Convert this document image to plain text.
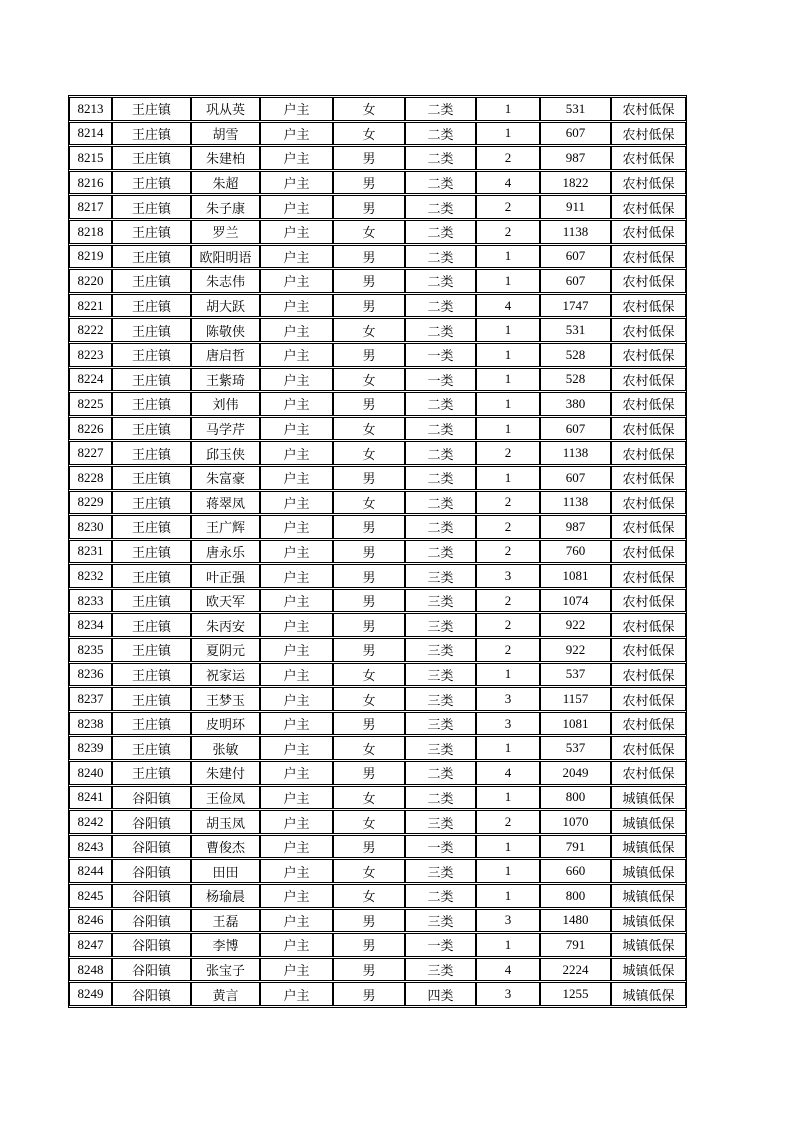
8213	王庄镇	巩从英	户主	女	二类	1	531	农村低保
8214	王庄镇	胡雪	户主	女	二类	1	607	农村低保
8215	王庄镇	朱建柏	户主	男	二类	2	987	农村低保
8216	王庄镇	朱超	户主	男	二类	4	1822	农村低保
8217	王庄镇	朱子康	户主	男	二类	2	911	农村低保
8218	王庄镇	罗兰	户主	女	二类	2	1138	农村低保
8219	王庄镇	欧阳明语	户主	男	二类	1	607	农村低保
8220	王庄镇	朱志伟	户主	男	二类	1	607	农村低保
8221	王庄镇	胡大跃	户主	男	二类	4	1747	农村低保
8222	王庄镇	陈敬侠	户主	女	二类	1	531	农村低保
8223	王庄镇	唐启哲	户主	男	一类	1	528	农村低保
8224	王庄镇	王紫琦	户主	女	一类	1	528	农村低保
8225	王庄镇	刘伟	户主	男	二类	1	380	农村低保
8226	王庄镇	马学芹	户主	女	二类	1	607	农村低保
8227	王庄镇	邱玉侠	户主	女	二类	2	1138	农村低保
8228	王庄镇	朱富豪	户主	男	二类	1	607	农村低保
8229	王庄镇	蒋翠凤	户主	女	二类	2	1138	农村低保
8230	王庄镇	王广辉	户主	男	二类	2	987	农村低保
8231	王庄镇	唐永乐	户主	男	二类	2	760	农村低保
8232	王庄镇	叶正强	户主	男	三类	3	1081	农村低保
8233	王庄镇	欧天军	户主	男	三类	2	1074	农村低保
8234	王庄镇	朱丙安	户主	男	三类	2	922	农村低保
8235	王庄镇	夏阴元	户主	男	三类	2	922	农村低保
8236	王庄镇	祝家运	户主	女	三类	1	537	农村低保
8237	王庄镇	王梦玉	户主	女	三类	3	1157	农村低保
8238	王庄镇	皮明环	户主	男	三类	3	1081	农村低保
8239	王庄镇	张敏	户主	女	三类	1	537	农村低保
8240	王庄镇	朱建付	户主	男	二类	4	2049	农村低保
8241	谷阳镇	王俭凤	户主	女	二类	1	800	城镇低保
8242	谷阳镇	胡玉凤	户主	女	三类	2	1070	城镇低保
8243	谷阳镇	曹俊杰	户主	男	一类	1	791	城镇低保
8244	谷阳镇	田田	户主	女	三类	1	660	城镇低保
8245	谷阳镇	杨瑜晨	户主	女	二类	1	800	城镇低保
8246	谷阳镇	王磊	户主	男	三类	3	1480	城镇低保
8247	谷阳镇	李博	户主	男	一类	1	791	城镇低保
8248	谷阳镇	张宝子	户主	男	三类	4	2224	城镇低保
8249	谷阳镇	黄言	户主	男	四类	3	1255	城镇低保
